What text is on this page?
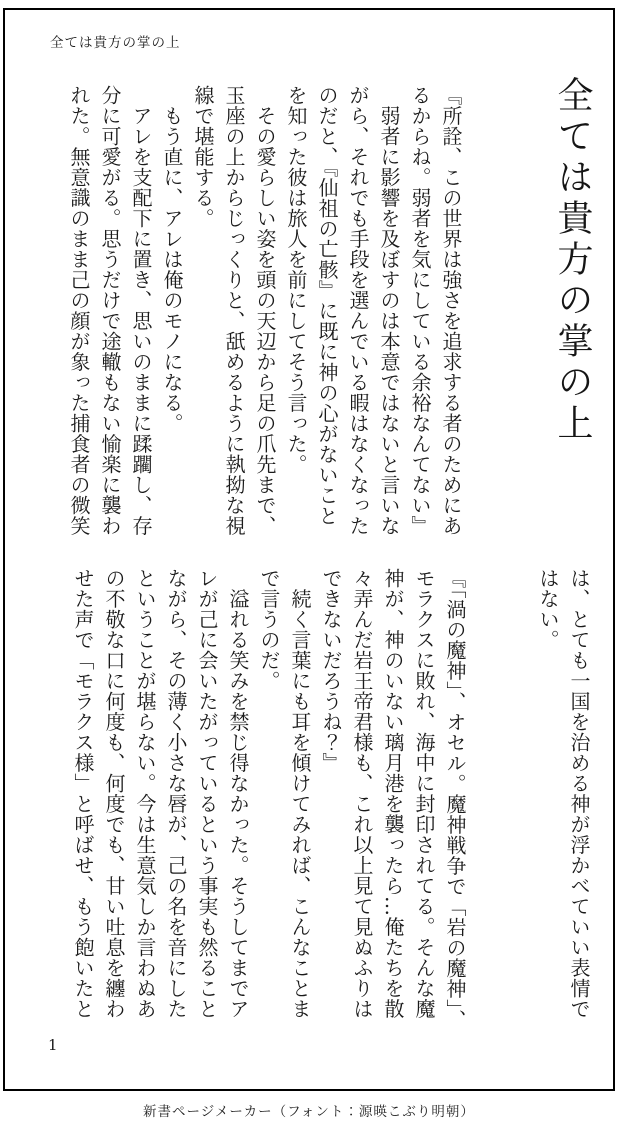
全ては貴方の掌の上
全ては貴方の掌の上
『所詮、この世界は強さを追求する者のためにあ
るからね。弱者を気にしている余裕なんてない』
　弱者に影響を及ぼすのは本意ではないと言いな
がら、それでも手段を選んでいる暇はなくなった
のだと、『仙祖の亡骸』に既に神の心がないこと
を知った彼は旅人を前にしてそう言った。
　その愛らしい姿を頭の天辺から足の爪先まで、
玉座の上からじっくりと、舐めるように執拗な視
線で堪能する。
　もう直に、アレは俺のモノになる。
　アレを支配下に置き、思いのままに蹂躙し、存
分に可愛がる。思うだけで途轍もない愉楽に襲わ
れた。無意識のまま己の顔が象った捕食者の微笑
は、とても一国を治める神が浮かべていい表情で
はない。
『「渦の魔神」、オセル。魔神戦争で「岩の魔神」、
モラクスに敗れ、海中に封印されてる。そんな魔
神が、神のいない璃月港を襲ったら…俺たちを散
々弄んだ岩王帝君様も、これ以上見て見ぬふりは
できないだろうね？』
　続く言葉にも耳を傾けてみれば、こんなことま
で言うのだ。
　溢れる笑みを禁じ得なかった。そうしてまでア
レが己に会いたがっているという事実も然ること
ながら、その薄く小さな唇が、己の名を音にした
ということが堪らない。今は生意気しか言わぬあ
の不敬な口に何度も、何度でも、甘い吐息を纏わ
せた声で「モラクス様」と呼ばせ、もう飽いたと
1
新書ページメーカー（フォント：源暎こぶり明朝）
